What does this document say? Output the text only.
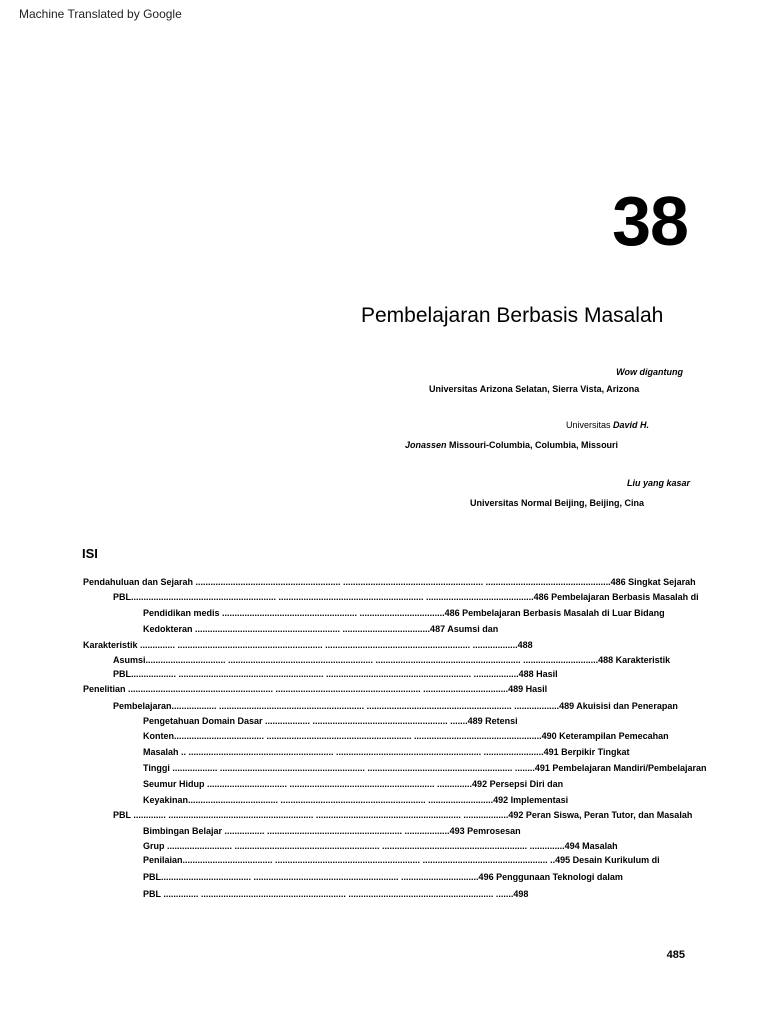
Machine Translated by Google
38
Pembelajaran Berbasis Masalah
Wow digantung
Universitas Arizona Selatan, Sierra Vista, Arizona
Universitas David H.
Jonassen Missouri-Columbia, Columbia, Missouri
Liu yang kasar
Universitas Normal Beijing, Beijing, Cina
ISI
Pendahuluan dan Sejarah .......................................................... ........................................................ ..................................................486 Singkat Sejarah
PBL.......................................................... .......................................................... ...........................................486 Pembelajaran Berbasis Masalah di
Pendidikan medis ...................................................... ..................................486 Pembelajaran Berbasis Masalah di Luar Bidang
Kedokteran .......................................................... ...................................487 Asumsi dan
Karakteristik .............. .......................................................... .......................................................... ..................488
Asumsi................................ .......................................................... .......................................................... ..............................488 Karakteristik
PBL.................. .......................................................... .......................................................... ..................488 Hasil
Penelitian .......................................................... .......................................................... ..................................489 Hasil
Pembelajaran.................. .......................................................... .......................................................... ..................489 Akuisisi dan Penerapan
Pengetahuan Domain Dasar .................. ...................................................... .......489 Retensi
Konten.................................... .......................................................... ...................................................490 Keterampilan Pemecahan
Masalah .. .......................................................... .......................................................... ........................491 Berpikir Tingkat
Tinggi .................. .......................................................... .......................................................... ........491 Pembelajaran Mandiri/Pembelajaran
Seumur Hidup ................................ .......................................................... ..............492 Persepsi Diri dan
Keyakinan.................................... .......................................................... ..........................492 Implementasi
PBL ............. .......................................................... .......................................................... ..................492 Peran Siswa, Peran Tutor, dan Masalah
Bimbingan Belajar ................ ...................................................... ..................493 Pemrosesan
Grup .......................... .......................................................... .......................................................... ..............494 Masalah
Penilaian.................................... .......................................................... .................................................. ..495 Desain Kurikulum di
PBL.................................... .......................................................... ...............................496 Penggunaan Teknologi dalam
PBL .............. .......................................................... .......................................................... .......498
485
